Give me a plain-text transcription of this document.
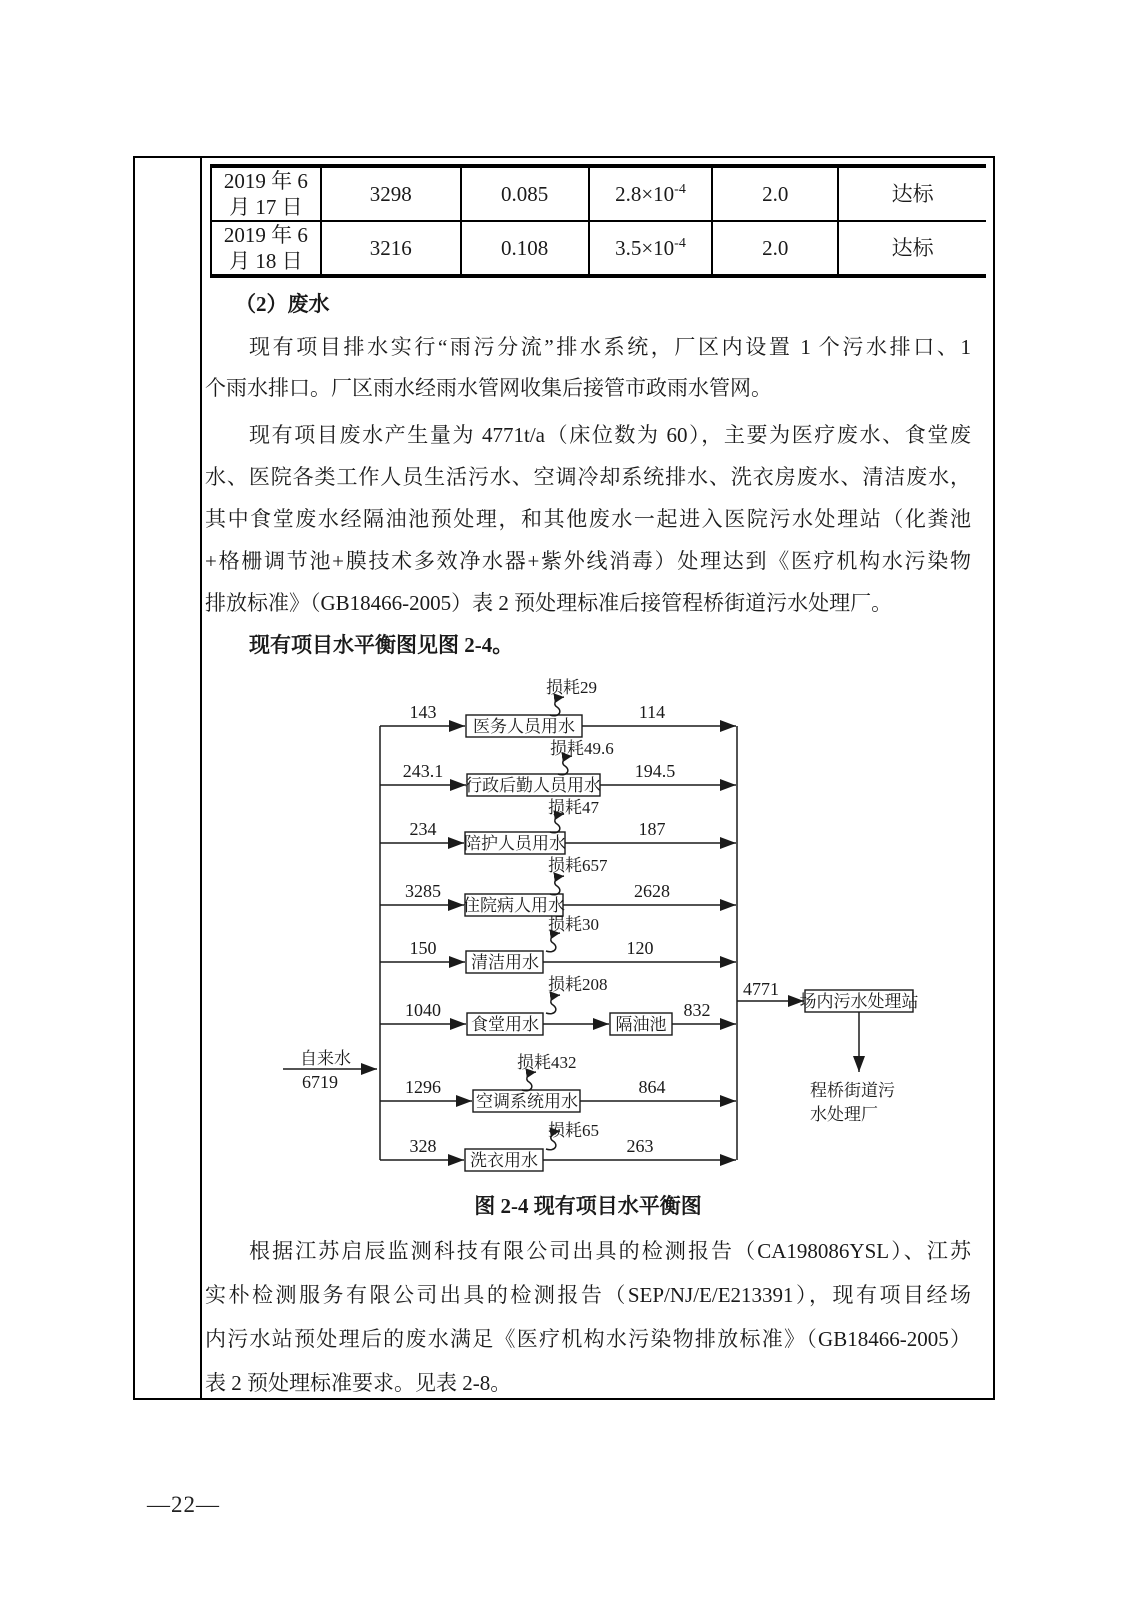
2019 年 6
月 17 日	3298	0.085	$2.8\times 10^{-4}$	2.0	达标

2019 年 6
月 18 日	3216	0.108	$3.5\times 10^{-4}$	2.0	达标
（2）废水
现有项目排水实行“雨污分流”排水系统，厂区内设置 1 个污水排口、1
个雨水排口。厂区雨水经雨水管网收集后接管市政雨水管网。
现有项目废水产生量为 4771t/a（床位数为 60），主要为医疗废水、食堂废
水、医院各类工作人员生活污水、空调冷却系统排水、洗衣房废水、清洁废水，
其中食堂废水经隔油池预处理，和其他废水一起进入医院污水处理站（化粪池
+格栅调节池+膜技术多效净水器+紫外线消毒）处理达到《医疗机构水污染物
排放标准》（GB18466-2005）表 2 预处理标准后接管程桥街道污水处理厂。
现有项目水平衡图见图 2-4。
自来水
6719
143
医务人员用水
损耗29
114
243.1
行政后勤人员用水
损耗49.6
194.5
234
陪护人员用水
损耗47
187
3285
住院病人用水
损耗657
2628
150
清洁用水
损耗30
120
1040
食堂用水
损耗208
隔油池
832
1296
空调系统用水
损耗432
864
328
洗衣用水
损耗65
263
4771
场内污水处理站
程桥街道污
水处理厂
图 2-4 现有项目水平衡图
根据江苏启辰监测科技有限公司出具的检测报告（CA198086YSL）、江苏
实朴检测服务有限公司出具的检测报告（SEP/NJ/E/E213391），现有项目经场
内污水站预处理后的废水满足《医疗机构水污染物排放标准》（GB18466-2005）
表 2 预处理标准要求。见表 2-8。
—22—
